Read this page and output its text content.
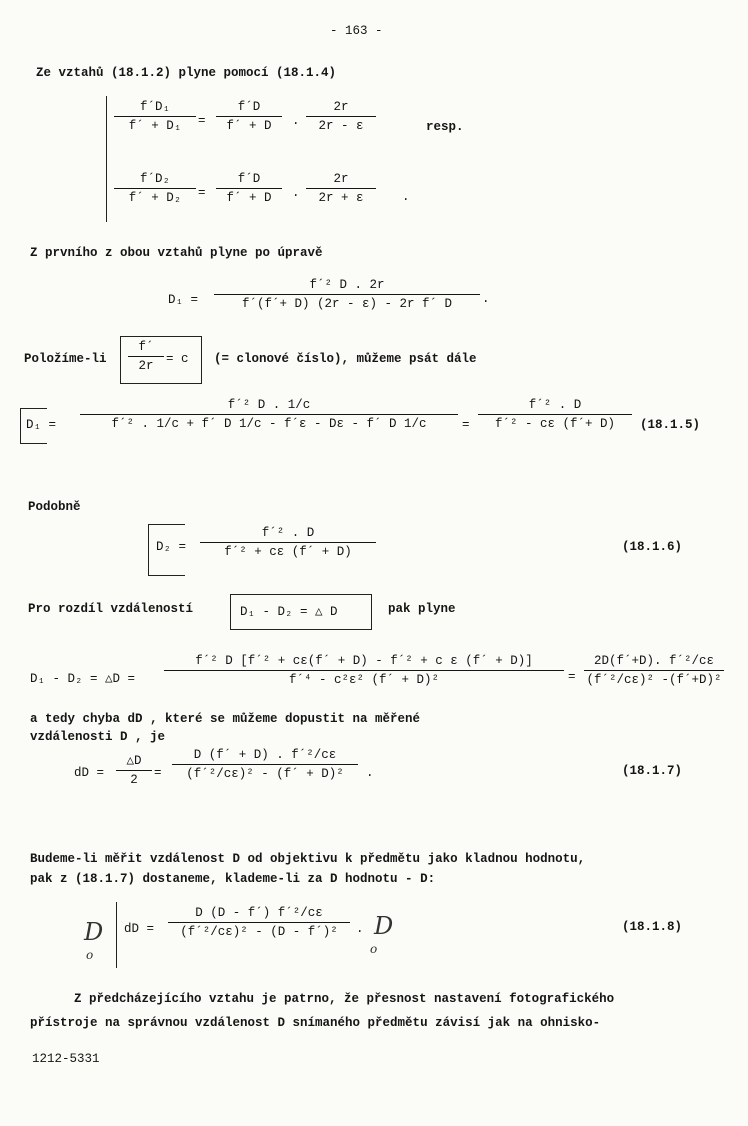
- 163 -
Ze vztahů (18.1.2) plyne pomocí (18.1.4)
$\frac{\text{f´D₁}}{\text{f´ + D₁}} = \frac{f´D}{f´ + D}$ . $\frac{2r}{2r - \varepsilon}$	resp.
$\frac{\text{f´D₂}}{\text{f´ + D₂}} = \frac{f´D}{f´ + D}$ . $\frac{2r}{2r + \varepsilon}$ .
Z prvního z obou vztahů plyne po úpravě
$D_1 = \frac{\text{f´² D . 2r}}{\text{f´(f´+ D) (2r - ε) - 2r f´ D}}$ .
Položíme-li $\frac{f´}{2r} = c$ (= clonové číslo), můžeme psát dále
$D_1 = \frac{\text{f´² D . 1/c}}{\text{f´² . 1/c + f´ D 1/c - f´ε - Dε - f´ D 1/c}} = \frac{\text{f´² . D}}{\text{f´² - cε (f´+ D)}} (18.1.5)$
Podobně
$D_2 = \frac{\text{f´² . D}}{\text{f´² + cε (f´ + D)}}$	(18.1.6)
Pro rozdíl vzdáleností	D₁ - D₂ = △ D	pak plyne
D₁ - D₂ = △D = $\frac{\text{f´² D [f´² + cε(f´ + D) - f´² + c ε (f´ + D)]}}{\text{f´⁴ - c²ε² (f´ + D)²}} = \frac{\text{2D(f´+D). f´²/cε}}{\text{(f´²/cε)² -(f´+D)²}}$
a tedy chyba dD , které se můžeme dopustit na měřené
vzdálenosti D , je
dD = $\frac{\triangle D}{2} = \frac{\text{D (f´ + D) . f´²/cε}}{\text{(f´²/cε)² - (f´ + D)²}}$ .	(18.1.7)
Budeme-li měřit vzdálenost D od objektivu k předmětu jako kladnou hodnotu,
pak z (18.1.7) dostaneme, klademe-li za D hodnotu - D:
D
o
dD = $\frac{\text{D (D - f´) f´²/cε}}{\text{(f´²/cε)² - (D - f´)²}}$ . D
o
(18.1.8)
Z předcházejícího vztahu je patrno, že přesnost nastavení fotografického
přístroje na správnou vzdálenost D snímaného předmětu závisí jak na ohnisko-
1212-5331
